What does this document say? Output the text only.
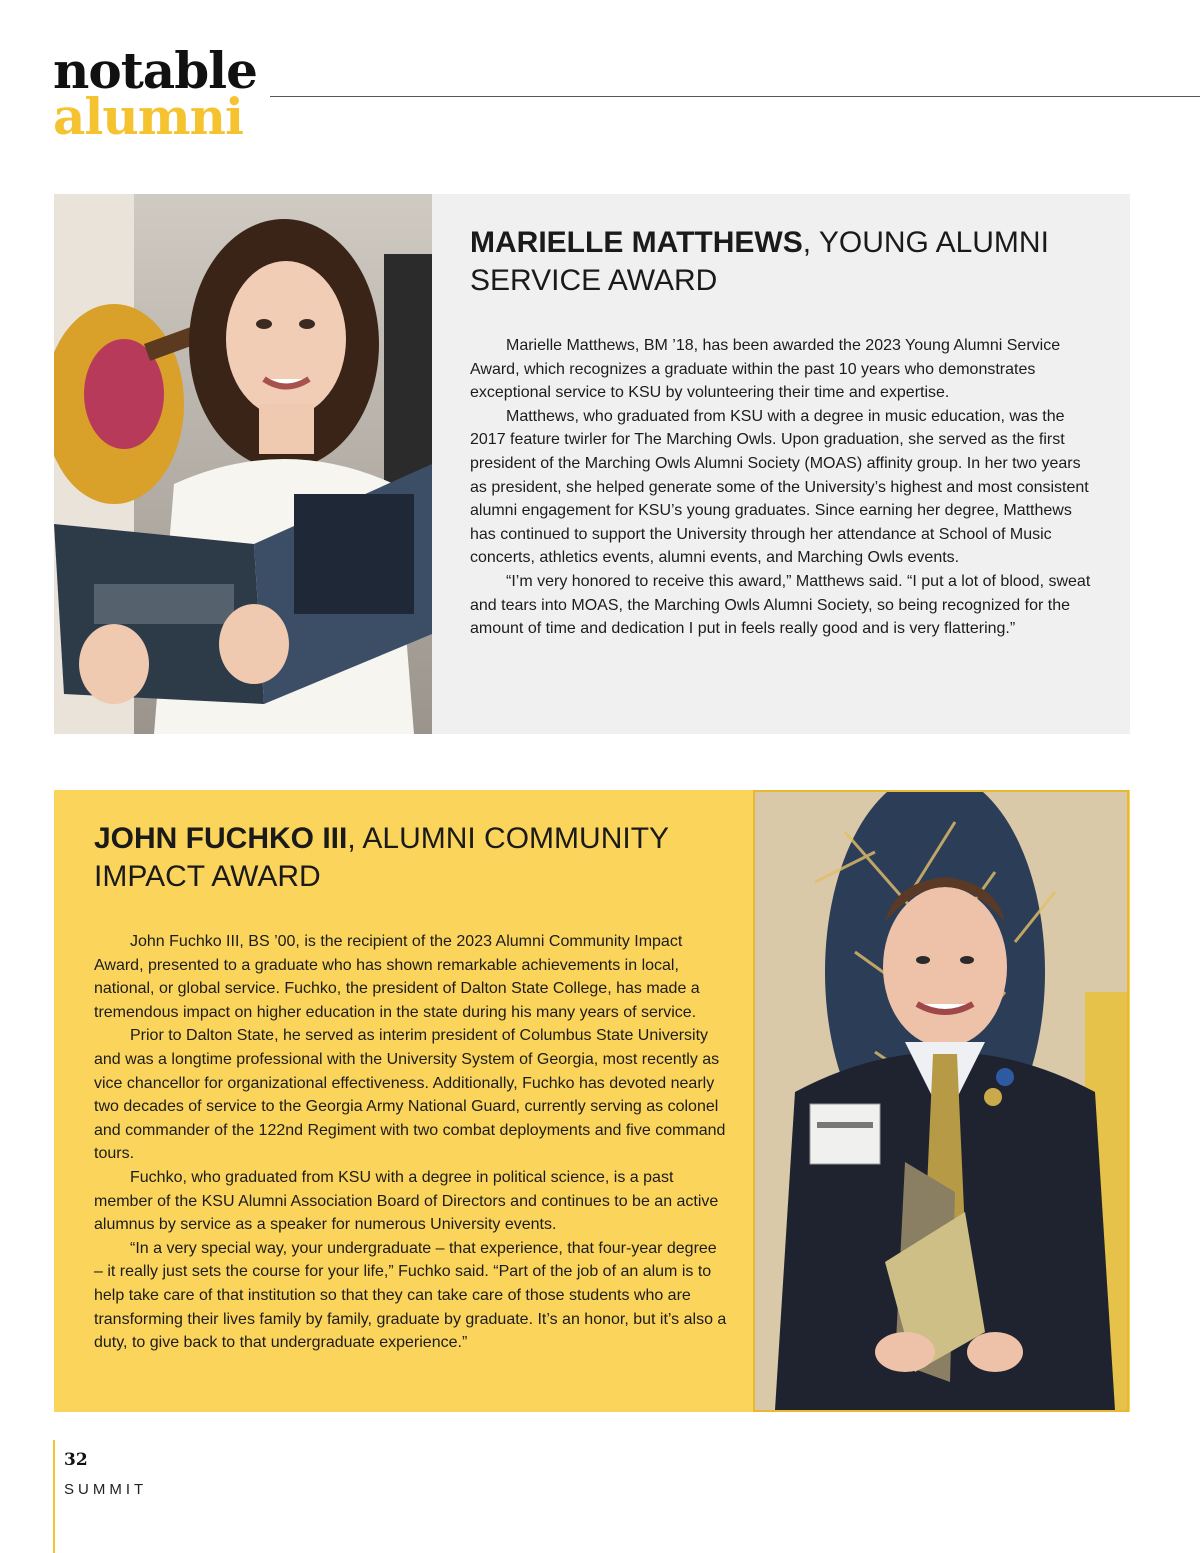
notable
alumni
MARIELLE MATTHEWS, YOUNG ALUMNI SERVICE AWARD

Marielle Matthews, BM ’18, has been awarded the 2023 Young Alumni Service Award, which recognizes a graduate within the past 10 years who demonstrates exceptional service to KSU by volunteering their time and expertise.

Matthews, who graduated from KSU with a degree in music education, was the 2017 feature twirler for The Marching Owls. Upon graduation, she served as the first president of the Marching Owls Alumni Society (MOAS) affinity group. In her two years as president, she helped generate some of the University’s highest and most consistent alumni engagement for KSU’s young graduates. Since earning her degree, Matthews has continued to support the University through her attendance at School of Music concerts, athletics events, alumni events, and Marching Owls events.

“I’m very honored to receive this award,” Matthews said. “I put a lot of blood, sweat and tears into MOAS, the Marching Owls Alumni Society, so being recognized for the amount of time and dedication I put in feels really good and is very flattering.”

JOHN FUCHKO III, ALUMNI COMMUNITY IMPACT AWARD

John Fuchko III, BS ’00, is the recipient of the 2023 Alumni Community Impact Award, presented to a graduate who has shown remarkable achievements in local, national, or global service. Fuchko, the president of Dalton State College, has made a tremendous impact on higher education in the state during his many years of service.

Prior to Dalton State, he served as interim president of Columbus State University and was a longtime professional with the University System of Georgia, most recently as vice chancellor for organizational effectiveness. Additionally, Fuchko has devoted nearly two decades of service to the Georgia Army National Guard, currently serving as colonel and commander of the 122nd Regiment with two combat deployments and five command tours.

Fuchko, who graduated from KSU with a degree in political science, is a past member of the KSU Alumni Association Board of Directors and continues to be an active alumnus by service as a speaker for numerous University events.

“In a very special way, your undergraduate – that experience, that four-year degree – it really just sets the course for your life,” Fuchko said. “Part of the job of an alum is to help take care of that institution so that they can take care of those students who are transforming their lives family by family, graduate by graduate. It’s an honor, but it’s also a duty, to give back to that undergraduate experience.”

32
SUMMIT
